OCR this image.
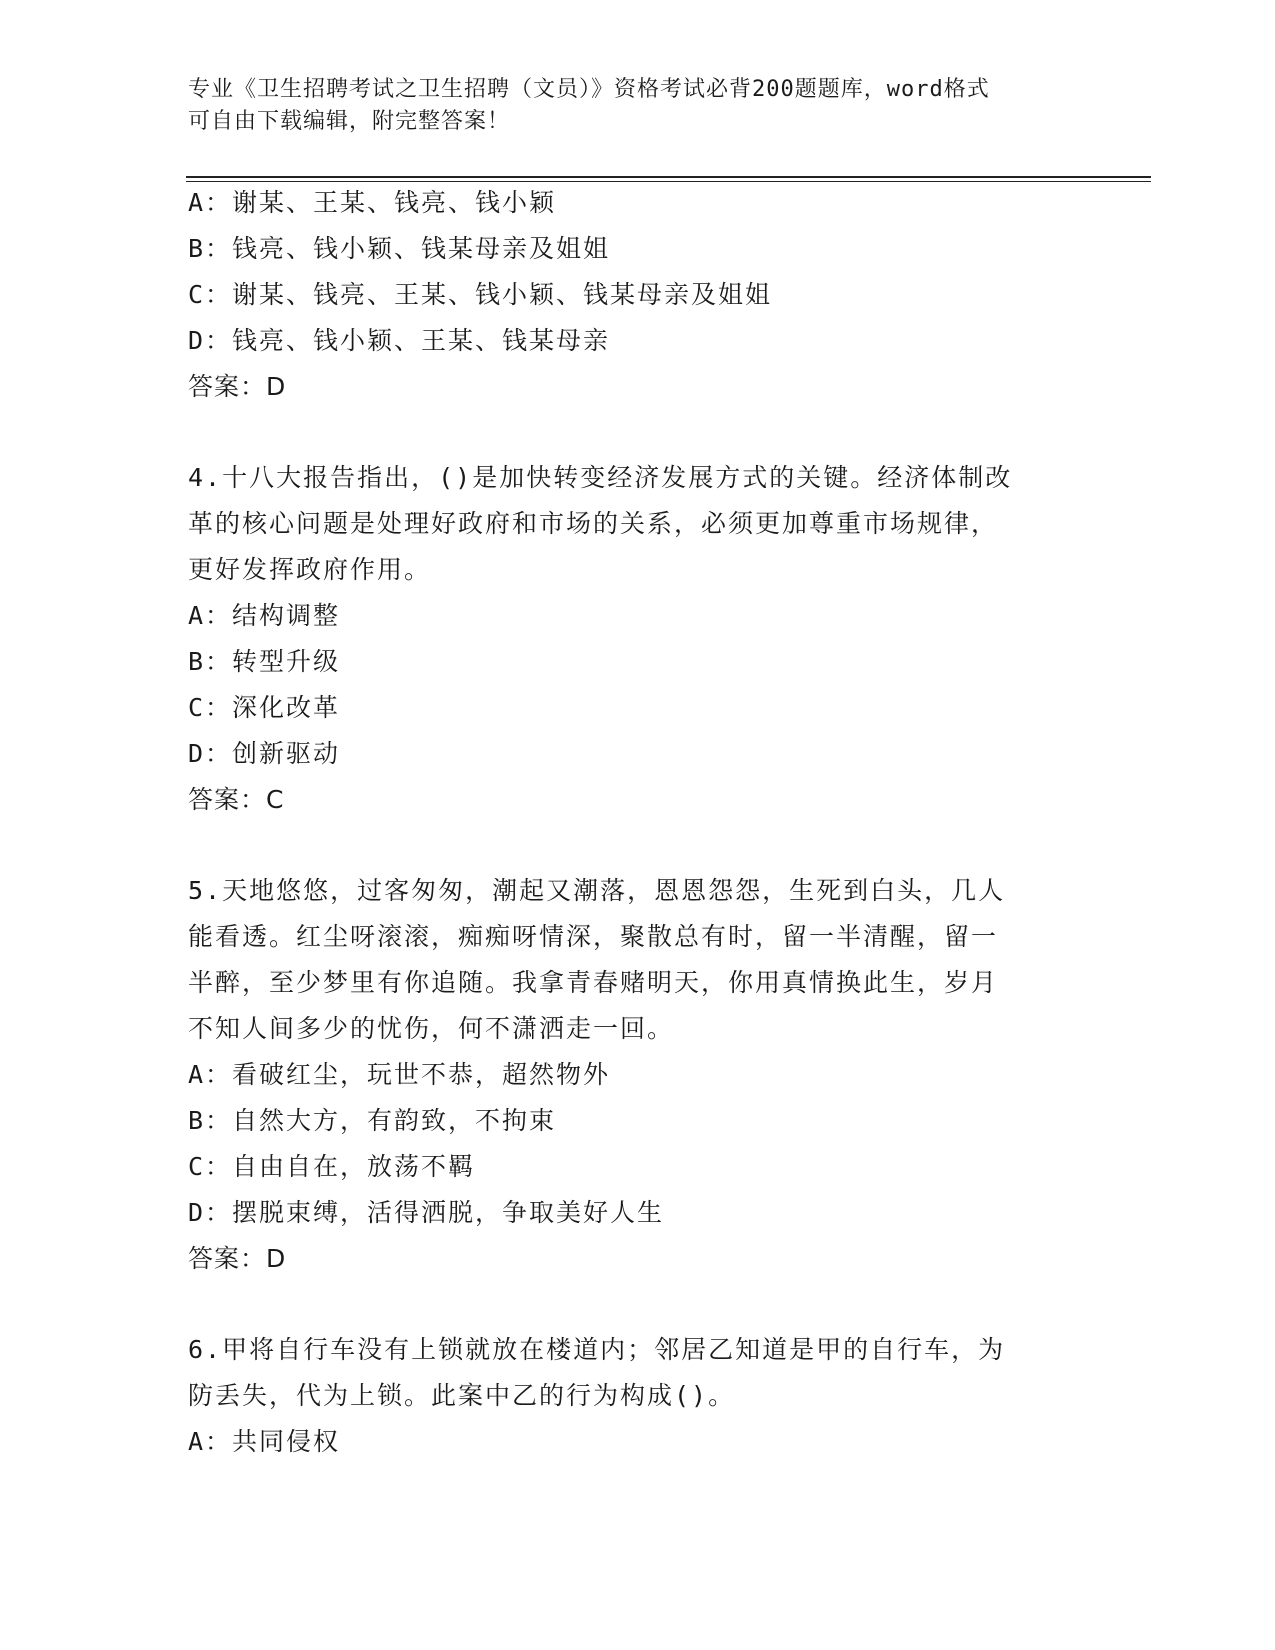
专业《卫生招聘考试之卫生招聘（文员）》资格考试必背200题题库，word格式
可自由下载编辑，附完整答案！
A：谢某、王某、钱亮、钱小颖
B：钱亮、钱小颖、钱某母亲及姐姐
C：谢某、钱亮、王某、钱小颖、钱某母亲及姐姐
D：钱亮、钱小颖、王某、钱某母亲
答案：D
4.十八大报告指出，()是加快转变经济发展方式的关键。经济体制改
革的核心问题是处理好政府和市场的关系，必须更加尊重市场规律，
更好发挥政府作用。
A：结构调整
B：转型升级
C：深化改革
D：创新驱动
答案：C
5.天地悠悠，过客匆匆，潮起又潮落，恩恩怨怨，生死到白头，几人
能看透。红尘呀滚滚，痴痴呀情深，聚散总有时，留一半清醒，留一
半醉，至少梦里有你追随。我拿青春赌明天，你用真情换此生，岁月
不知人间多少的忧伤，何不潇洒走一回。
A：看破红尘，玩世不恭，超然物外
B：自然大方，有韵致，不拘束
C：自由自在，放荡不羁
D：摆脱束缚，活得洒脱，争取美好人生
答案：D
6.甲将自行车没有上锁就放在楼道内；邻居乙知道是甲的自行车，为
防丢失，代为上锁。此案中乙的行为构成()。
A：共同侵权
